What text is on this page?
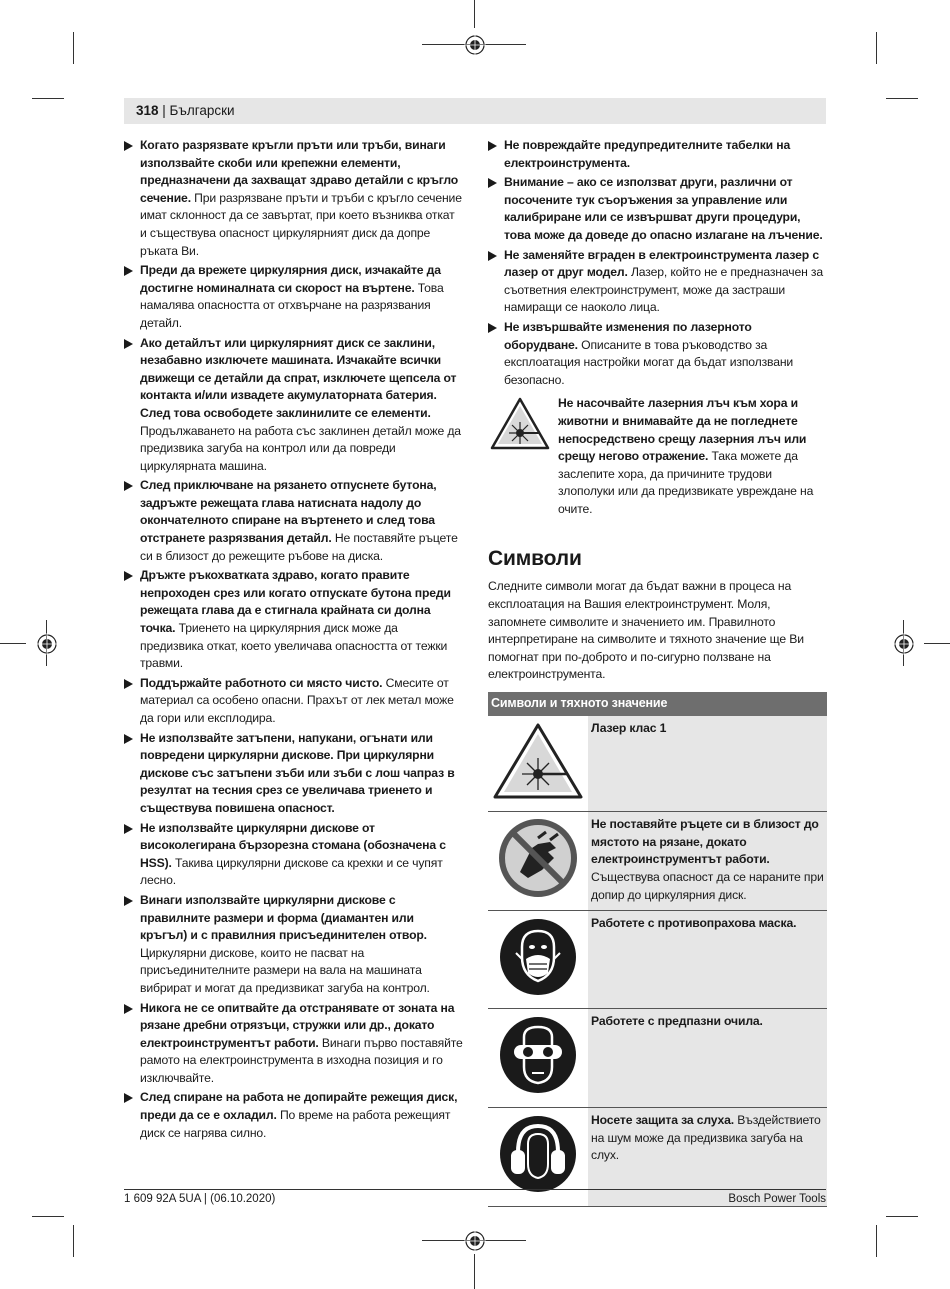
318 | Български
Когато разрязвате кръгли пръти или тръби, винаги използвайте скоби или крепежни елементи, предназначени да захващат здраво детайли с кръгло сечение. При разрязване пръти и тръби с кръгло сечение имат склонност да се завъртат, при което възниква откат и съществува опасност циркулярният диск да допре ръката Ви.
Преди да врежете циркулярния диск, изчакайте да достигне номиналната си скорост на въртене. Това намалява опасността от отхвърчане на разрязвания детайл.
Ако детайлът или циркулярният диск се заклини, незабавно изключете машината. Изчакайте всички движещи се детайли да спрат, изключете щепсела от контакта и/или извадете акумулаторната батерия. След това освободете заклинилите се елементи. Продължаването на работа със заклинен детайл може да предизвика загуба на контрол или да повреди циркулярната машина.
След приключване на рязането отпуснете бутона, задръжте режещата глава натисната надолу до окончателното спиране на въртенето и след това отстранете разрязвания детайл. Не поставяйте ръцете си в близост до режещите ръбове на диска.
Дръжте ръкохватката здраво, когато правите непроходен срез или когато отпускате бутона преди режещата глава да е стигнала крайната си долна точка. Триенето на циркулярния диск може да предизвика откат, което увеличава опасността от тежки травми.
Поддържайте работното си място чисто. Смесите от материал са особено опасни. Прахът от лек метал може да гори или експлодира.
Не използвайте затъпени, напукани, огънати или повредени циркулярни дискове. При циркулярни дискове със затъпени зъби или зъби с лош чапраз в резултат на тесния срез се увеличава триенето и съществува повишена опасност.
Не използвайте циркулярни дискове от високолегирана бързорезна стомана (обозначена с HSS). Такива циркулярни дискове са крехки и се чупят лесно.
Винаги използвайте циркулярни дискове с правилните размери и форма (диамантен или кръгъл) и с правилния присъединителен отвор. Циркулярни дискове, които не пасват на присъединителните размери на вала на машината вибрират и могат да предизвикат загуба на контрол.
Никога не се опитвайте да отстранявате от зоната на рязане дребни отрязъци, стружки или др., докато електроинструментът работи. Винаги първо поставяйте рамото на електроинструмента в изходна позиция и го изключвайте.
След спиране на работа не допирайте режещия диск, преди да се е охладил. По време на работа режещият диск се нагрява силно.
Не повреждайте предупредителните табелки на електроинструмента.
Внимание – ако се използват други, различни от посочените тук съоръжения за управление или калибриране или се извършват други процедури, това може да доведе до опасно излагане на лъчение.
Не заменяйте вграден в електроинструмента лазер с лазер от друг модел. Лазер, който не е предназначен за съответния електроинструмент, може да застраши намиращи се наоколо лица.
Не извършвайте изменения по лазерното оборудване. Описаните в това ръководство за експлоатация настройки могат да бъдат използвани безопасно.
Не насочвайте лазерния лъч към хора и животни и внимавайте да не погледнете непосредствено срещу лазерния лъч или срещу негово отражение. Така можете да заслепите хора, да причините трудови злополуки или да предизвикате увреждане на очите.
Символи

Следните символи могат да бъдат важни в процеса на експлоатация на Вашия електроинструмент. Моля, запомнете символите и значението им. Правилното интерпретиране на символите и тяхното значение ще Ви помогнат при по-доброто и по-сигурно ползване на електроинструмента.

Символи и тяхното значение	
	Лазер клас 1
	Не поставяйте ръцете си в близост до мястото на рязане, докато електроинструментът работи. Съществува опасност да се нараните при допир до циркулярния диск.
	Работете с противопрахова маска.
	Работете с предпазни очила.
	Носете защита за слуха. Въздействието на шум може да предизвика загуба на слух.
1 609 92A 5UA | (06.10.2020)	Bosch Power Tools
